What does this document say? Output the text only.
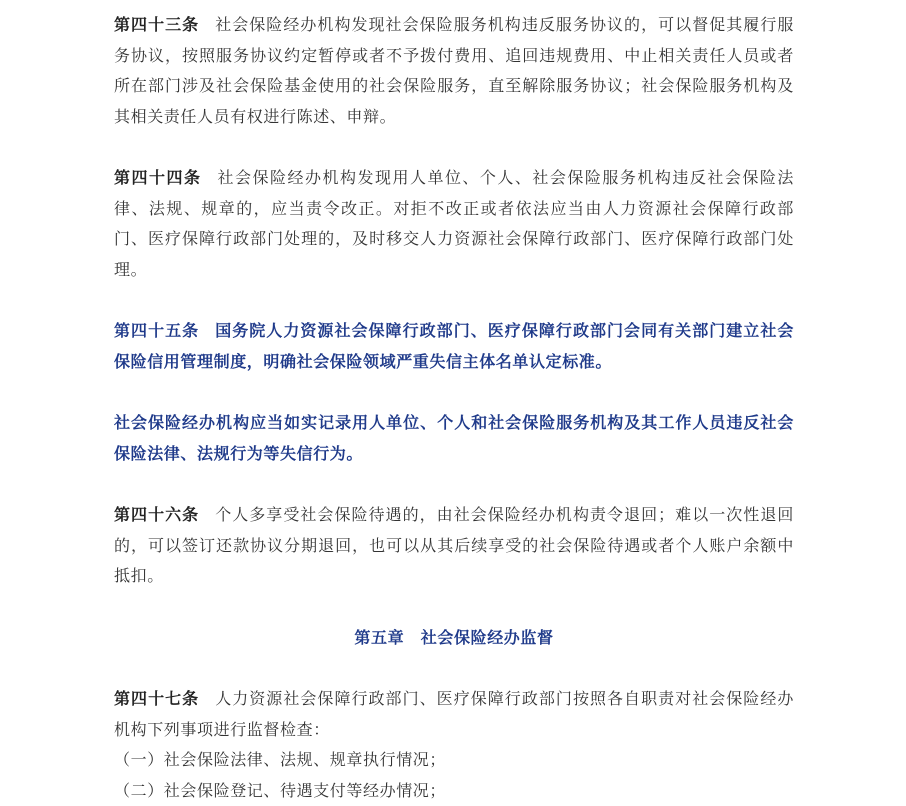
第四十三条 社会保险经办机构发现社会保险服务机构违反服务协议的，可以督促其履行服务协议，按照服务协议约定暂停或者不予拨付费用、追回违规费用、中止相关责任人员或者所在部门涉及社会保险基金使用的社会保险服务，直至解除服务协议；社会保险服务机构及其相关责任人员有权进行陈述、申辩。

第四十四条 社会保险经办机构发现用人单位、个人、社会保险服务机构违反社会保险法律、法规、规章的，应当责令改正。对拒不改正或者依法应当由人力资源社会保障行政部门、医疗保障行政部门处理的，及时移交人力资源社会保障行政部门、医疗保障行政部门处理。

第四十五条 国务院人力资源社会保障行政部门、医疗保障行政部门会同有关部门建立社会保险信用管理制度，明确社会保险领域严重失信主体名单认定标准。

社会保险经办机构应当如实记录用人单位、个人和社会保险服务机构及其工作人员违反社会保险法律、法规行为等失信行为。

第四十六条 个人多享受社会保险待遇的，由社会保险经办机构责令退回；难以一次性退回的，可以签订还款协议分期退回，也可以从其后续享受的社会保险待遇或者个人账户余额中抵扣。

第五章　社会保险经办监督

第四十七条 人力资源社会保障行政部门、医疗保障行政部门按照各自职责对社会保险经办机构下列事项进行监督检查：

（一）社会保险法律、法规、规章执行情况；

（二）社会保险登记、待遇支付等经办情况；
